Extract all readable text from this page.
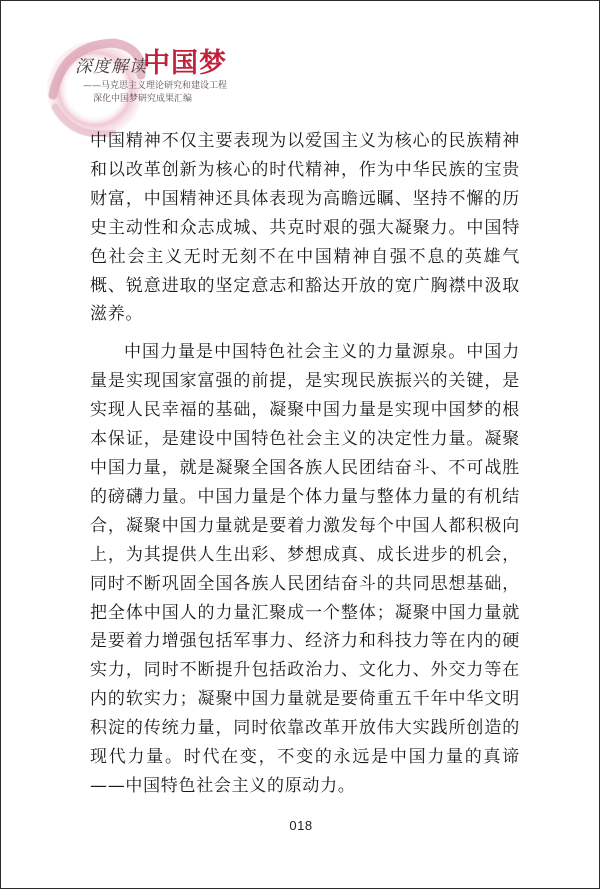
深度解读
中国梦
——马克思主义理论研究和建设工程
深化中国梦研究成果汇编

中国精神不仅主要表现为以爱国主义为核心的民族精神和以改革创新为核心的时代精神，作为中华民族的宝贵财富，中国精神还具体表现为高瞻远瞩、坚持不懈的历史主动性和众志成城、共克时艰的强大凝聚力。中国特色社会主义无时无刻不在中国精神自强不息的英雄气概、锐意进取的坚定意志和豁达开放的宽广胸襟中汲取滋养。

中国力量是中国特色社会主义的力量源泉。中国力量是实现国家富强的前提，是实现民族振兴的关键，是实现人民幸福的基础，凝聚中国力量是实现中国梦的根本保证，是建设中国特色社会主义的决定性力量。凝聚中国力量，就是凝聚全国各族人民团结奋斗、不可战胜的磅礴力量。中国力量是个体力量与整体力量的有机结合，凝聚中国力量就是要着力激发每个中国人都积极向上，为其提供人生出彩、梦想成真、成长进步的机会，同时不断巩固全国各族人民团结奋斗的共同思想基础，把全体中国人的力量汇聚成一个整体；凝聚中国力量就是要着力增强包括军事力、经济力和科技力等在内的硬实力，同时不断提升包括政治力、文化力、外交力等在内的软实力；凝聚中国力量就是要倚重五千年中华文明积淀的传统力量，同时依靠改革开放伟大实践所创造的现代力量。时代在变，不变的永远是中国力量的真谛——中国特色社会主义的原动力。

018
